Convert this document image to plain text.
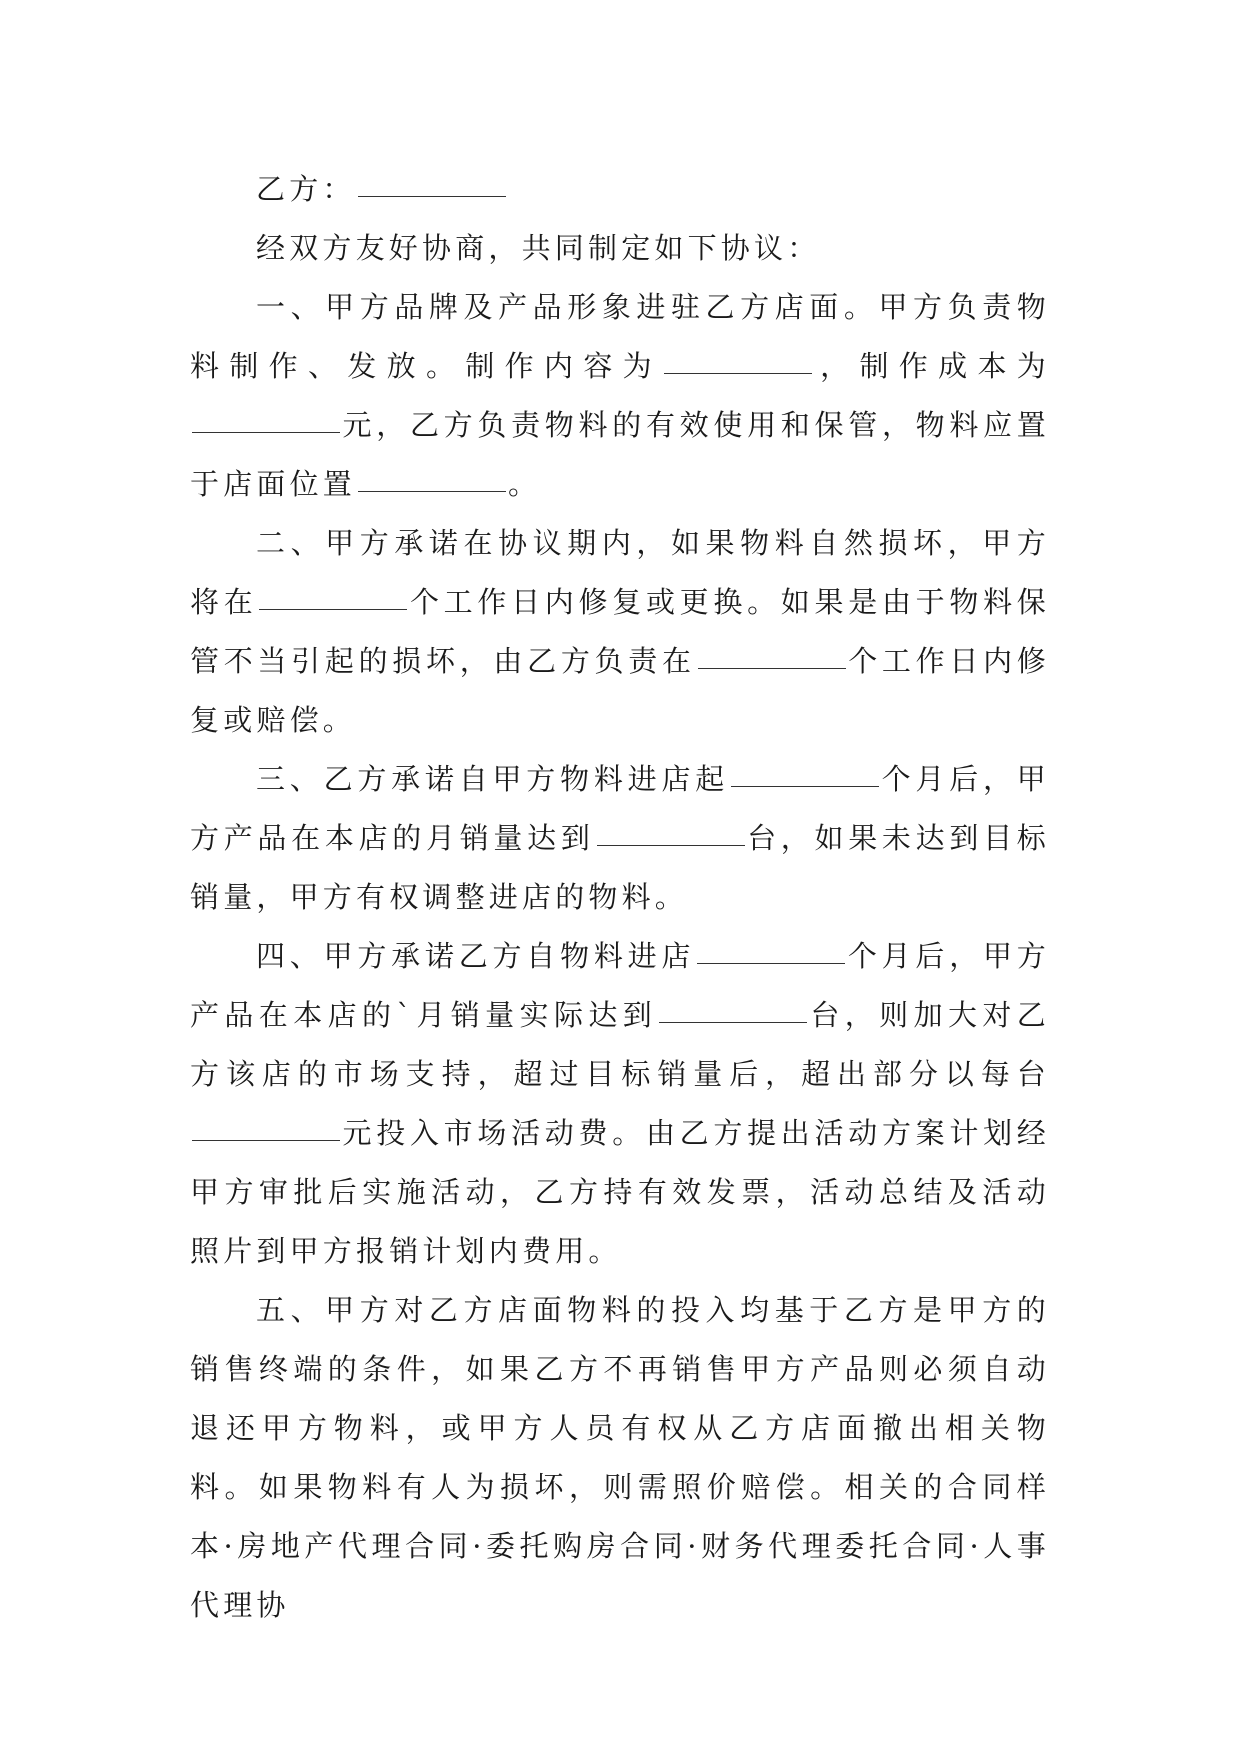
乙方：

经双方友好协商，共同制定如下协议：

一、甲方品牌及产品形象进驻乙方店面。甲方负责物料制作、发放。制作内容为	，制作成本为元，乙方负责物料的有效使用和保管，物料应置于店面位置	。

二、甲方承诺在协议期内，如果物料自然损坏，甲方将在	个工作日内修复或更换。如果是由于物料保管不当引起的损坏，由乙方负责在	个工作日内修复或赔偿。

三、乙方承诺自甲方物料进店起	个月后，甲方产品在本店的月销量达到	台，如果未达到目标销量，甲方有权调整进店的物料。

四、甲方承诺乙方自物料进店	个月后，甲方产品在本店的`月销量实际达到	台，则加大对乙方该店的市场支持，超过目标销量后，超出部分以每台元投入市场活动费。由乙方提出活动方案计划经甲方审批后实施活动，乙方持有效发票，活动总结及活动照片到甲方报销计划内费用。

五、甲方对乙方店面物料的投入均基于乙方是甲方的销售终端的条件，如果乙方不再销售甲方产品则必须自动退还甲方物料，或甲方人员有权从乙方店面撤出相关物料。如果物料有人为损坏，则需照价赔偿。相关的合同样本·房地产代理合同·委托购房合同·财务代理委托合同·人事代理协
